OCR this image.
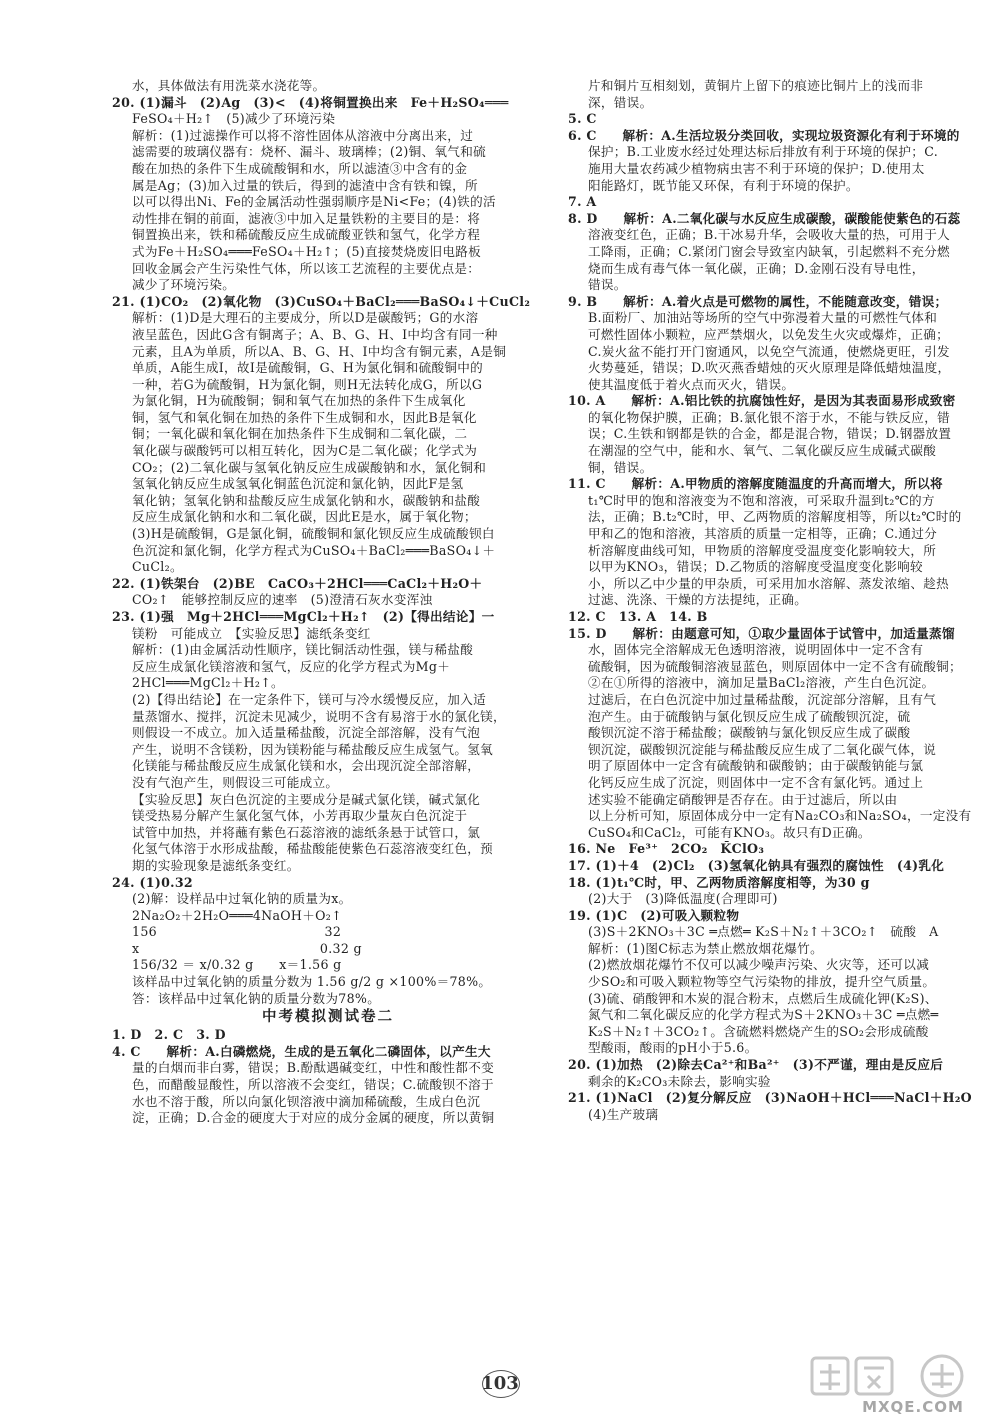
水，具体做法有用洗菜水浇花等。
20. (1)漏斗　(2)Ag　(3)<　(4)将铜置换出来　Fe＋H₂SO₄═══
FeSO₄＋H₂↑　(5)减少了环境污染
解析：(1)过滤操作可以将不溶性固体从溶液中分离出来，过
滤需要的玻璃仪器有：烧杯、漏斗、玻璃棒；(2)铜、氧气和硫
酸在加热的条件下生成硫酸铜和水，所以滤渣③中含有的金
属是Ag；(3)加入过量的铁后，得到的滤渣中含有铁和镍，所
以可以得出Ni、Fe的金属活动性强弱顺序是Ni<Fe；(4)铁的活
动性排在铜的前面，滤液③中加入足量铁粉的主要目的是：将
铜置换出来，铁和稀硫酸反应生成硫酸亚铁和氢气，化学方程
式为Fe＋H₂SO₄═══FeSO₄＋H₂↑；(5)直接焚烧废旧电路板
回收金属会产生污染性气体，所以该工艺流程的主要优点是：
减少了环境污染。
21. (1)CO₂　(2)氧化物　(3)CuSO₄＋BaCl₂═══BaSO₄↓＋CuCl₂
解析：(1)D是大理石的主要成分，所以D是碳酸钙；G的水溶
液呈蓝色，因此G含有铜离子；A、B、G、H、I中均含有同一种
元素，且A为单质，所以A、B、G、H、I中均含有铜元素，A是铜
单质，A能生成I，故I是硫酸铜，G、H为氯化铜和硫酸铜中的
一种，若G为硫酸铜，H为氯化铜，则H无法转化成G，所以G
为氯化铜，H为硫酸铜；铜和氧气在加热的条件下生成氧化
铜，氢气和氧化铜在加热的条件下生成铜和水，因此B是氧化
铜；一氧化碳和氧化铜在加热条件下生成铜和二氧化碳，二
氧化碳与碳酸钙可以相互转化，因为C是二氧化碳；化学式为
CO₂；(2)二氧化碳与氢氧化钠反应生成碳酸钠和水，氯化铜和
氢氧化钠反应生成氢氧化铜蓝色沉淀和氯化钠，因此F是氢
氧化钠；氢氧化钠和盐酸反应生成氯化钠和水，碳酸钠和盐酸
反应生成氯化钠和水和二氧化碳，因此E是水，属于氧化物；
(3)H是硫酸铜，G是氯化铜，硫酸铜和氯化钡反应生成硫酸钡白
色沉淀和氯化铜，化学方程式为CuSO₄＋BaCl₂═══BaSO₄↓＋
CuCl₂。
22. (1)铁架台　(2)BE　CaCO₃＋2HCl═══CaCl₂＋H₂O＋
CO₂↑　能够控制反应的速率　(5)澄清石灰水变浑浊
23. (1)强　Mg＋2HCl═══MgCl₂＋H₂↑　(2)【得出结论】一
镁粉　可能成立　【实验反思】滤纸条变红
解析：(1)由金属活动性顺序，镁比铜活动性强，镁与稀盐酸
反应生成氯化镁溶液和氢气，反应的化学方程式为Mg＋
2HCl═══MgCl₂＋H₂↑。
(2)【得出结论】在一定条件下，镁可与冷水缓慢反应，加入适
量蒸馏水、搅拌，沉淀未见减少，说明不含有易溶于水的氯化镁，
则假设一不成立。加入适量稀盐酸，沉淀全部溶解，没有气泡
产生，说明不含镁粉，因为镁粉能与稀盐酸反应生成氢气。氢氧
化镁能与稀盐酸反应生成氯化镁和水，会出现沉淀全部溶解，
没有气泡产生，则假设三可能成立。
【实验反思】灰白色沉淀的主要成分是碱式氯化镁，碱式氯化
镁受热易分解产生氯化氢气体，小芳再取少量灰白色沉淀于
试管中加热，并将蘸有紫色石蕊溶液的滤纸条悬于试管口，氯
化氢气体溶于水形成盐酸，稀盐酸能使紫色石蕊溶液变红色，预
期的实验现象是滤纸条变红。
24. (1)0.32
(2)解：设样品中过氧化钠的质量为x。
2Na₂O₂＋2H₂O═══4NaOH＋O₂↑
156　　　　　　　　　　　　　32
x　　　　　　　　　　　　　　0.32 g
156/32 ＝ x/0.32 g　　x＝1.56 g
该样品中过氧化钠的质量分数为 1.56 g/2 g ×100%＝78%。
答：该样品中过氧化钠的质量分数为78%。
中考模拟测试卷二
1. D　2. C　3. D
4. C　　解析：A.白磷燃烧，生成的是五氧化二磷固体，以产生大
量的白烟而非白雾，错误；B.酚酞遇碱变红，中性和酸性都不变
色，而醋酸显酸性，所以溶液不会变红，错误；C.硫酸钡不溶于
水也不溶于酸，所以向氯化钡溶液中滴加稀硫酸，生成白色沉
淀，正确；D.合金的硬度大于对应的成分金属的硬度，所以黄铜
片和铜片互相刻划，黄铜片上留下的痕迹比铜片上的浅而非
深，错误。
5. C
6. C　　解析：A.生活垃圾分类回收，实现垃圾资源化有利于环境的
保护；B.工业废水经过处理达标后排放有利于环境的保护；C.
施用大量农药减少植物病虫害不利于环境的保护；D.使用太
阳能路灯，既节能又环保，有利于环境的保护。
7. A
8. D　　解析：A.二氧化碳与水反应生成碳酸，碳酸能使紫色的石蕊
溶液变红色，正确；B.干冰易升华，会吸收大量的热，可用于人
工降雨，正确；C.紧闭门窗会导致室内缺氧，引起燃料不充分燃
烧而生成有毒气体一氧化碳，正确；D.金刚石没有导电性，
错误。
9. B　　解析：A.着火点是可燃物的属性，不能随意改变，错误；
B.面粉厂、加油站等场所的空气中弥漫着大量的可燃性气体和
可燃性固体小颗粒，应严禁烟火，以免发生火灾或爆炸，正确；
C.炭火盆不能打开门窗通风，以免空气流通，使燃烧更旺，引发
火势蔓延，错误；D.吹灭燕香蜡烛的灭火原理是降低蜡烛温度，
使其温度低于着火点而灭火，错误。
10. A　　解析：A.铝比铁的抗腐蚀性好，是因为其表面易形成致密
的氧化物保护膜，正确；B.氯化银不溶于水，不能与铁反应，错
误；C.生铁和钢都是铁的合金，都是混合物，错误；D.钢器放置
在潮湿的空气中，能和水、氧气、二氧化碳反应生成碱式碳酸
铜，错误。
11. C　　解析：A.甲物质的溶解度随温度的升高而增大，所以将
t₁℃时甲的饱和溶液变为不饱和溶液，可采取升温到t₂℃的方
法，正确；B.t₂℃时，甲、乙两物质的溶解度相等，所以t₂℃时的
甲和乙的饱和溶液，其溶质的质量一定相等，正确；C.通过分
析溶解度曲线可知，甲物质的溶解度受温度变化影响较大，所
以甲为KNO₃，错误；D.乙物质的溶解度受温度变化影响较
小，所以乙中少量的甲杂质，可采用加水溶解、蒸发浓缩、趁热
过滤、洗涤、干燥的方法提纯，正确。
12. C　13. A　14. B
15. D　　解析：由题意可知，①取少量固体于试管中，加适量蒸馏
水，固体完全溶解成无色透明溶液，说明固体中一定不含有
硫酸铜，因为硫酸铜溶液显蓝色，则原固体中一定不含有硫酸铜；
②在①所得的溶液中，滴加足量BaCl₂溶液，产生白色沉淀。
过滤后，在白色沉淀中加过量稀盐酸，沉淀部分溶解，且有气
泡产生。由于硫酸钠与氯化钡反应生成了硫酸钡沉淀，硫
酸钡沉淀不溶于稀盐酸；碳酸钠与氯化钡反应生成了碳酸
钡沉淀，碳酸钡沉淀能与稀盐酸反应生成了二氧化碳气体，说
明了原固体中一定含有硫酸钠和碳酸钠；由于碳酸钠能与氯
化钙反应生成了沉淀，则固体中一定不含有氯化钙。通过上
述实验不能确定硝酸钾是否存在。由于过滤后，所以由
以上分析可知，原固体成分中一定有Na₂CO₃和Na₂SO₄，一定没有
CuSO₄和CaCl₂，可能有KNO₃。故只有D正确。
16. Ne　Fe³⁺　2CO₂　K̄ClO₃
17. (1)＋4　(2)Cl₂　(3)氢氧化钠具有强烈的腐蚀性　(4)乳化
18. (1)t₁℃时，甲、乙两物质溶解度相等，为30 g
(2)大于　(3)降低温度(合理即可)
19. (1)C　(2)可吸入颗粒物
(3)S＋2KNO₃＋3C ═点燃═ K₂S＋N₂↑＋3CO₂↑　硫酸　A
解析：(1)图C标志为禁止燃放烟花爆竹。
(2)燃放烟花爆竹不仅可以减少噪声污染、火灾等，还可以减
少SO₂和可吸入颗粒物等空气污染物的排放，提升空气质量。
(3)硫、硝酸钾和木炭的混合粉末，点燃后生成硫化钾(K₂S)、
氮气和二氧化碳反应的化学方程式为S＋2KNO₃＋3C ═点燃═
K₂S＋N₂↑＋3CO₂↑。含硫燃料燃烧产生的SO₂会形成硫酸
型酸雨，酸雨的pH小于5.6。
20. (1)加热　(2)除去Ca²⁺和Ba²⁺　(3)不严谨，理由是反应后
剩余的K₂CO₃未除去，影响实验
21. (1)NaCl　(2)复分解反应　(3)NaOH＋HCl═══NaCl＋H₂O
(4)生产玻璃
103
MXQE.COM
